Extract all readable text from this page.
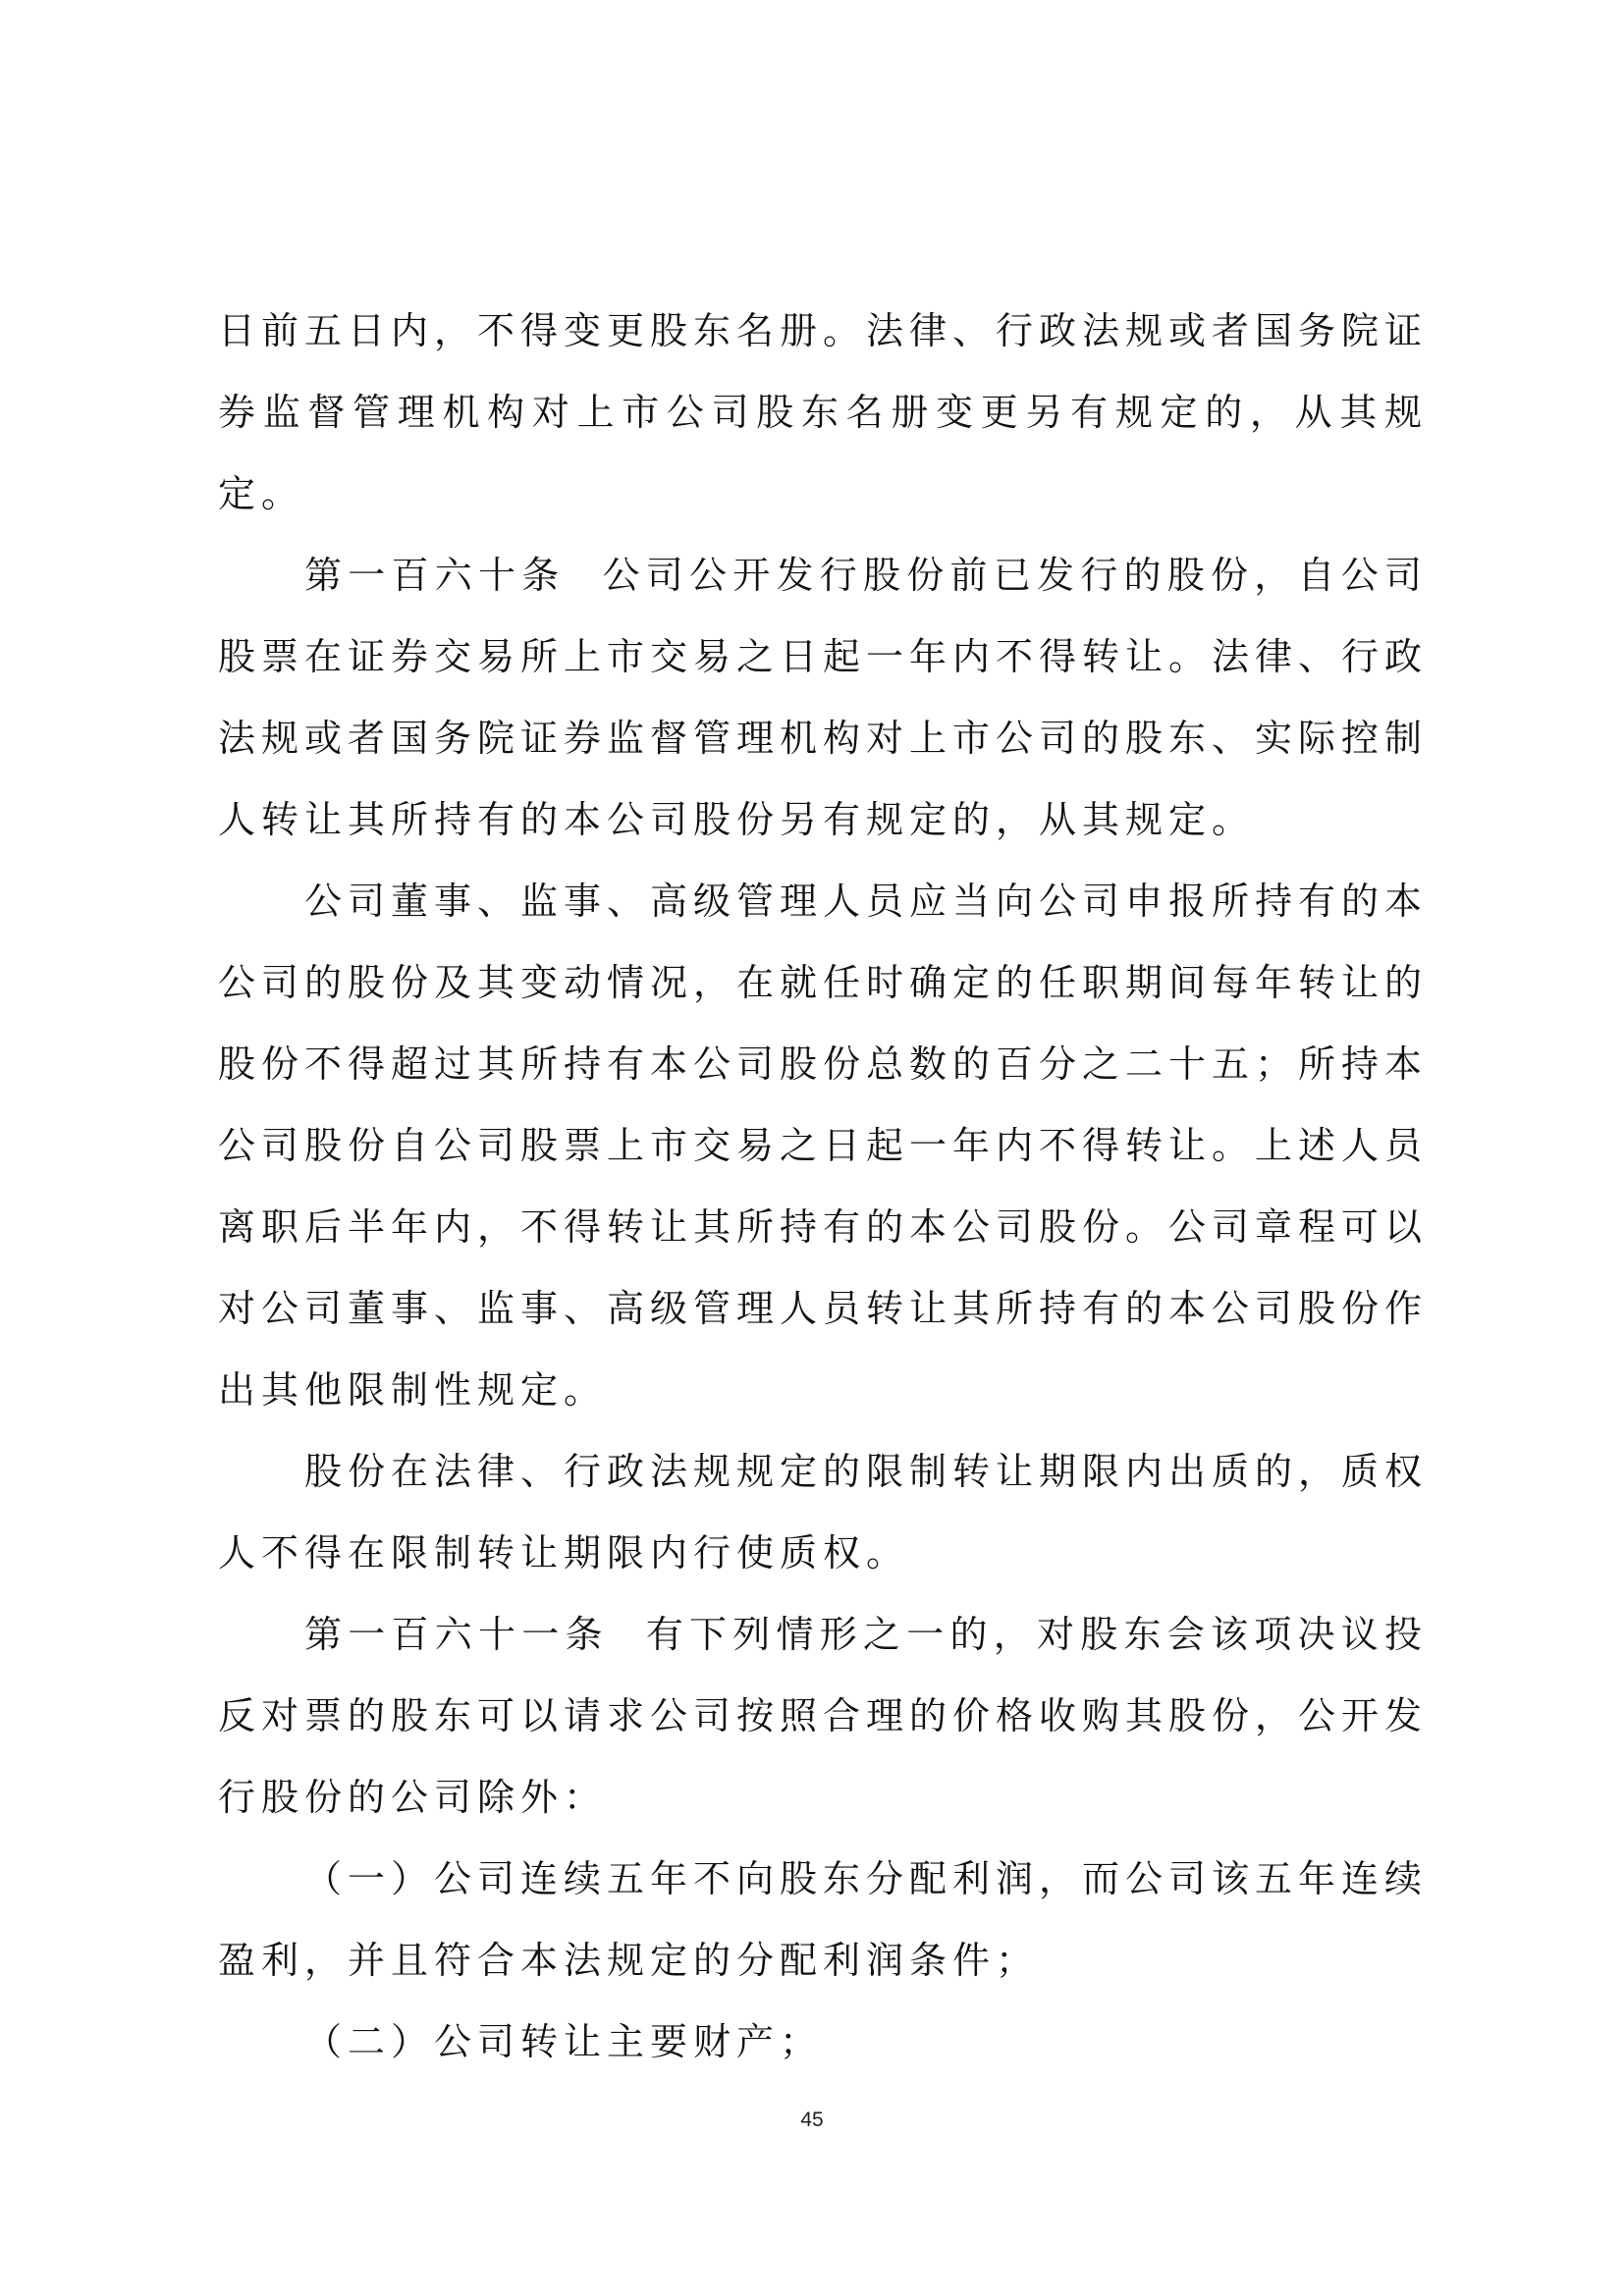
日前五日内，不得变更股东名册。法律、行政法规或者国务院证券监督管理机构对上市公司股东名册变更另有规定的，从其规定。

第一百六十条 公司公开发行股份前已发行的股份，自公司股票在证券交易所上市交易之日起一年内不得转让。法律、行政法规或者国务院证券监督管理机构对上市公司的股东、实际控制人转让其所持有的本公司股份另有规定的，从其规定。

公司董事、监事、高级管理人员应当向公司申报所持有的本公司的股份及其变动情况，在就任时确定的任职期间每年转让的股份不得超过其所持有本公司股份总数的百分之二十五；所持本公司股份自公司股票上市交易之日起一年内不得转让。上述人员离职后半年内，不得转让其所持有的本公司股份。公司章程可以对公司董事、监事、高级管理人员转让其所持有的本公司股份作出其他限制性规定。

股份在法律、行政法规规定的限制转让期限内出质的，质权人不得在限制转让期限内行使质权。

第一百六十一条 有下列情形之一的，对股东会该项决议投反对票的股东可以请求公司按照合理的价格收购其股份，公开发行股份的公司除外：

（一）公司连续五年不向股东分配利润，而公司该五年连续盈利，并且符合本法规定的分配利润条件；

（二）公司转让主要财产；

45
